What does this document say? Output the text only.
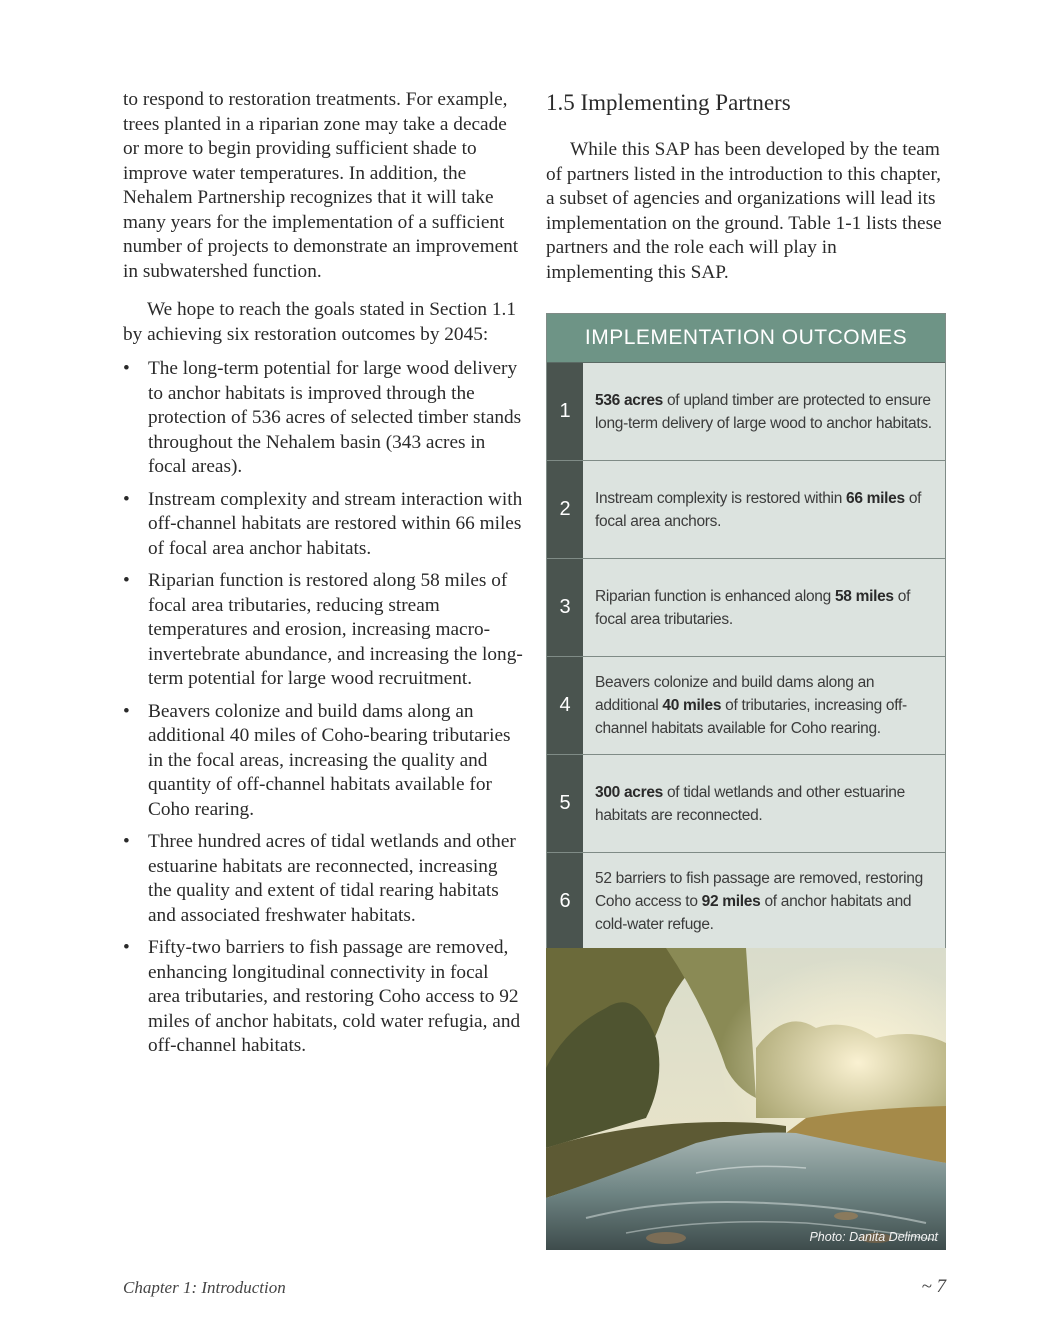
to respond to restoration treatments. For example, trees planted in a riparian zone may take a decade or more to begin providing sufficient shade to improve water temperatures. In addition, the Nehalem Partnership recognizes that it will take many years for the implementation of a sufficient number of projects to demonstrate an improvement in subwatershed function.

We hope to reach the goals stated in Section 1.1 by achieving six restoration outcomes by 2045:

• The long-term potential for large wood delivery to anchor habitats is improved through the protection of 536 acres of selected timber stands throughout the Nehalem basin (343 acres in focal areas).
• Instream complexity and stream interaction with off-channel habitats are restored within 66 miles of focal area anchor habitats.
• Riparian function is restored along 58 miles of focal area tributaries, reducing stream temperatures and erosion, increasing macro-invertebrate abundance, and increasing the long-term potential for large wood recruitment.
• Beavers colonize and build dams along an additional 40 miles of Coho-bearing tributaries in the focal areas, increasing the quality and quantity of off-channel habitats available for Coho rearing.
• Three hundred acres of tidal wetlands and other estuarine habitats are reconnected, increasing the quality and extent of tidal rearing habitats and associated freshwater habitats.
• Fifty-two barriers to fish passage are removed, enhancing longitudinal connectivity in focal area tributaries, and restoring Coho access to 92 miles of anchor habitats, cold water refugia, and off-channel habitats.
1.5 Implementing Partners

While this SAP has been developed by the team of partners listed in the introduction to this chapter, a subset of agencies and organizations will lead its implementation on the ground. Table 1-1 lists these partners and the role each will play in implementing this SAP.

IMPLEMENTATION OUTCOMES
1	536 acres of upland timber are protected to ensure long-term delivery of large wood to anchor habitats.
2	Instream complexity is restored within 66 miles of focal area anchors.
3	Riparian function is enhanced along 58 miles of focal area tributaries.
4
Beavers colonize and build dams along an additional 40 miles of tributaries, increasing off-channel habitats available for Coho rearing.
5	300 acres of tidal wetlands and other estuarine habitats are reconnected.
6
52 barriers to fish passage are removed, restoring Coho access to 92 miles of anchor habitats and cold-water refuge.
Photo: Danita Delimont
Chapter 1: Introduction	~ 7
